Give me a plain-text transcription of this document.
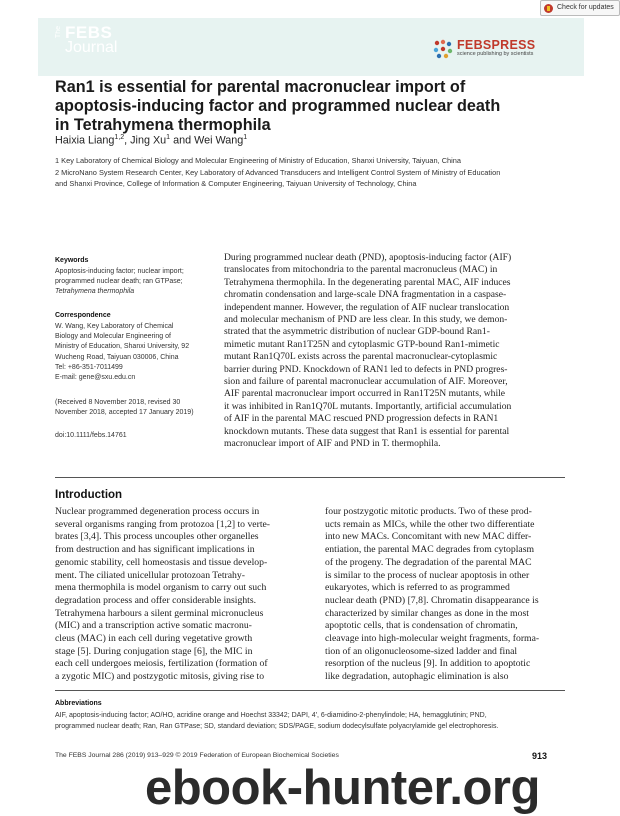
Check for updates
The FEBS
Journal	FEBSPRESS
science publishing by scientists
Ran1 is essential for parental macronuclear import of
apoptosis-inducing factor and programmed nuclear death
in Tetrahymena thermophila
Haixia Liang$^{1,2}$, Jing Xu$^1$ and Wei Wang$^1$
1 Key Laboratory of Chemical Biology and Molecular Engineering of Ministry of Education, Shanxi University, Taiyuan, China
2 MicroNano System Research Center, Key Laboratory of Advanced Transducers and Intelligent Control System of Ministry of Education
and Shanxi Province, College of Information & Computer Engineering, Taiyuan University of Technology, China
Keywords
Apoptosis-inducing factor; nuclear import;
programmed nuclear death; ran GTPase;
Tetrahymena thermophila
Correspondence
W. Wang, Key Laboratory of Chemical
Biology and Molecular Engineering of
Ministry of Education, Shanxi University, 92
Wucheng Road, Taiyuan 030006, China
Tel: +86-351-7011499
E-mail: gene@sxu.edu.cn
(Received 8 November 2018, revised 30
November 2018, accepted 17 January 2019)
doi:10.1111/febs.14761
During programmed nuclear death (PND), apoptosis-inducing factor (AIF)
translocates from mitochondria to the parental macronucleus (MAC) in
Tetrahymena thermophila. In the degenerating parental MAC, AIF induces
chromatin condensation and large-scale DNA fragmentation in a caspase-
independent manner. However, the regulation of AIF nuclear translocation
and molecular mechanism of PND are less clear. In this study, we demon-
strated that the asymmetric distribution of nuclear GDP-bound Ran1-
mimetic mutant Ran1T25N and cytoplasmic GTP-bound Ran1-mimetic
mutant Ran1Q70L exists across the parental macronuclear-cytoplasmic
barrier during PND. Knockdown of RAN1 led to defects in PND progres-
sion and failure of parental macronuclear accumulation of AIF. Moreover,
AIF parental macronuclear import occurred in Ran1T25N mutants, while
it was inhibited in Ran1Q70L mutants. Importantly, artificial accumulation
of AIF in the parental MAC rescued PND progression defects in RAN1
knockdown mutants. These data suggest that Ran1 is essential for parental
macronuclear import of AIF and PND in T. thermophila.
Introduction
Nuclear programmed degeneration process occurs in
several organisms ranging from protozoa [1,2] to verte-
brates [3,4]. This process uncouples other organelles
from destruction and has significant implications in
genomic stability, cell homeostasis and tissue develop-
ment. The ciliated unicellular protozoan Tetrahy-
mena thermophila is model organism to carry out such
degradation process and offer considerable insights.
Tetrahymena harbours a silent germinal micronucleus
(MIC) and a transcription active somatic macronu-
cleus (MAC) in each cell during vegetative growth
stage [5]. During conjugation stage [6], the MIC in
each cell undergoes meiosis, fertilization (formation of
a zygotic MIC) and postzygotic mitosis, giving rise to
four postzygotic mitotic products. Two of these prod-
ucts remain as MICs, while the other two differentiate
into new MACs. Concomitant with new MAC differ-
entiation, the parental MAC degrades from cytoplasm
of the progeny. The degradation of the parental MAC
is similar to the process of nuclear apoptosis in other
eukaryotes, which is referred to as programmed
nuclear death (PND) [7,8]. Chromatin disappearance is
characterized by similar changes as done in the most
apoptotic cells, that is condensation of chromatin,
cleavage into high-molecular weight fragments, forma-
tion of an oligonucleosome-sized ladder and final
resorption of the nucleus [9]. In addition to apoptotic
like degradation, autophagic elimination is also
Abbreviations
AIF, apoptosis-inducing factor; AO/HO, acridine orange and Hoechst 33342; DAPI, 4′, 6-diamidino-2-phenylindole; HA, hemagglutinin; PND,
programmed nuclear death; Ran, Ran GTPase; SD, standard deviation; SDS/PAGE, sodium dodecylsulfate polyacrylamide gel electrophoresis.
The FEBS Journal 286 (2019) 913–929 © 2019 Federation of European Biochemical Societies	913
ebook-hunter.org
